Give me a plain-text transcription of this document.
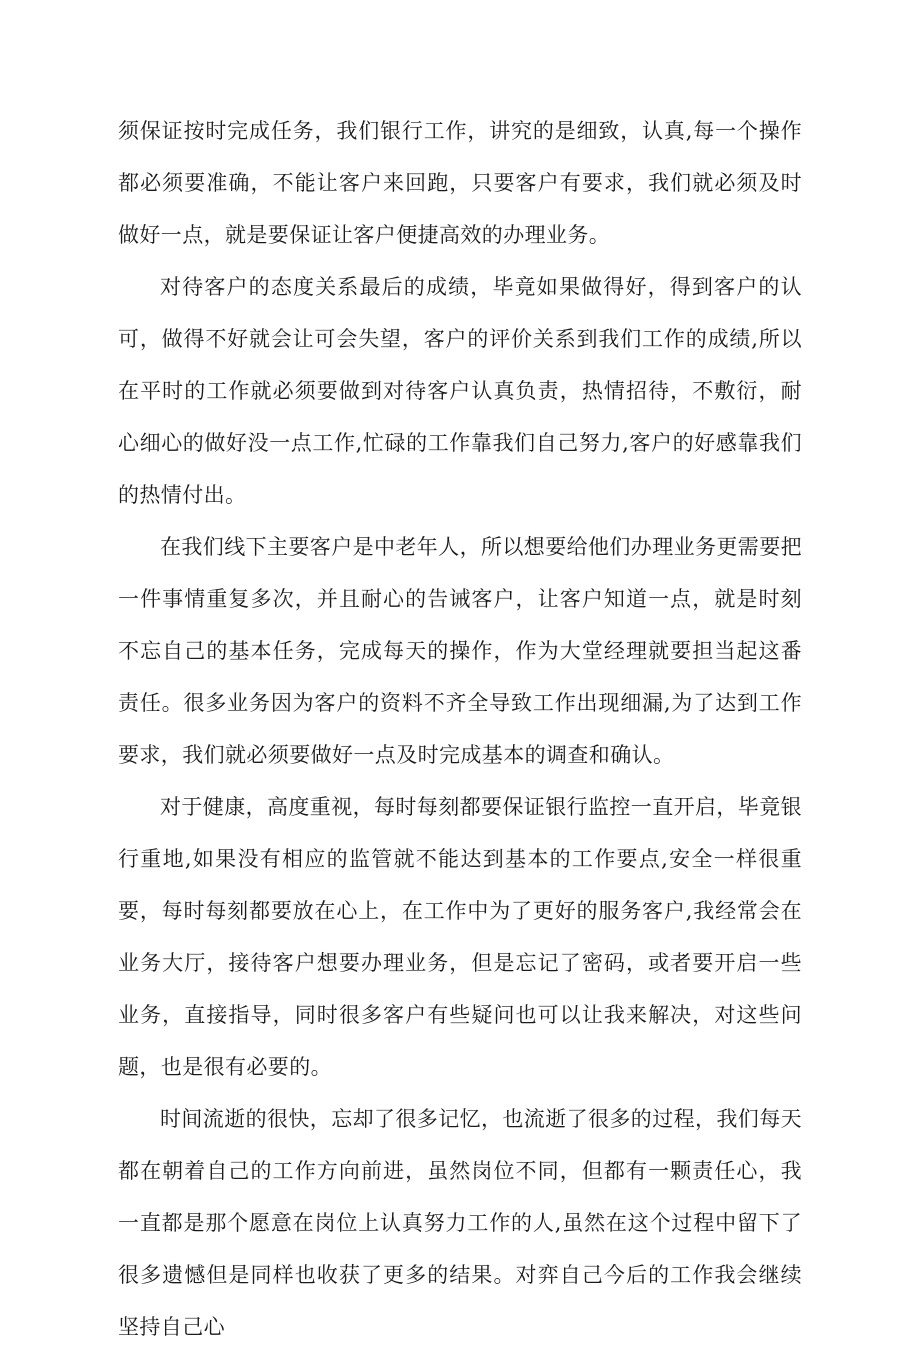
须保证按时完成任务，我们银行工作，讲究的是细致，认真,每一个操作都必须要准确，不能让客户来回跑，只要客户有要求，我们就必须及时做好一点，就是要保证让客户便捷高效的办理业务。

对待客户的态度关系最后的成绩，毕竟如果做得好，得到客户的认可，做得不好就会让可会失望，客户的评价关系到我们工作的成绩,所以在平时的工作就必须要做到对待客户认真负责，热情招待，不敷衍，耐心细心的做好没一点工作,忙碌的工作靠我们自己努力,客户的好感靠我们的热情付出。

在我们线下主要客户是中老年人，所以想要给他们办理业务更需要把一件事情重复多次，并且耐心的告诫客户，让客户知道一点，就是时刻不忘自己的基本任务，完成每天的操作，作为大堂经理就要担当起这番责任。很多业务因为客户的资料不齐全导致工作出现细漏,为了达到工作要求，我们就必须要做好一点及时完成基本的调查和确认。

对于健康，高度重视，每时每刻都要保证银行监控一直开启，毕竟银行重地,如果没有相应的监管就不能达到基本的工作要点,安全一样很重要，每时每刻都要放在心上，在工作中为了更好的服务客户,我经常会在业务大厅，接待客户想要办理业务，但是忘记了密码，或者要开启一些业务，直接指导，同时很多客户有些疑问也可以让我来解决，对这些问题，也是很有必要的。

时间流逝的很快，忘却了很多记忆，也流逝了很多的过程，我们每天都在朝着自己的工作方向前进，虽然岗位不同，但都有一颗责任心，我一直都是那个愿意在岗位上认真努力工作的人,虽然在这个过程中留下了很多遗憾但是同样也收获了更多的结果。对弈自己今后的工作我会继续坚持自己心
